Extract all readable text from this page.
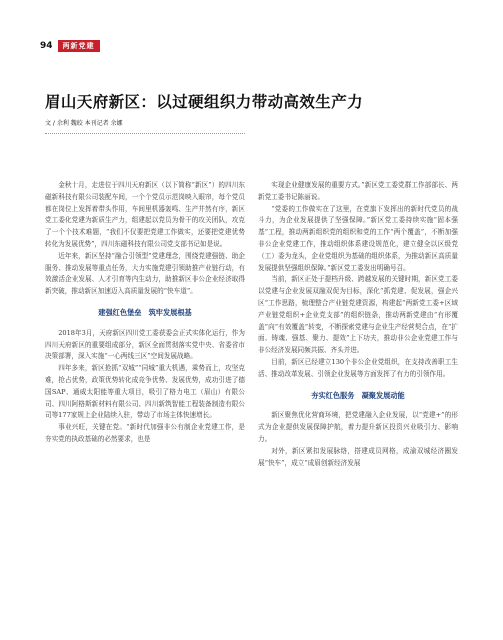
94	两新党建
眉山天府新区：以过硬组织力带动高效生产力
文 / 余利 魏皎 本刊记者 余娜

金秋十月，走进位于四川天府新区（以下简称“新区”）的四川东磁新科技有限公司装配车间，一个个党员示范岗映入眼帘，每个党员都在岗位上发挥着带头作用，车间里机器轰鸣、生产井然有序，新区党工委化党建为新质生产力，组建起以党员为骨干的攻关团队，攻克了一个个技术难题，“我们不仅要把党建工作做实，还要把党建优势转化为发展优势”，四川东磁科技有限公司党支部书记如是说。

近年来，新区坚持“融合引领型”党建理念，围绕党建强链、助企服务、推动发展等重点任务，大力实施党建引领助推产业链行动，有效激活企业发展、人才引育等内生动力，助推新区非公企业经济取得新突破，推动新区加速迈入高质量发展的“快车道”。

建强红色堡垒　筑牢发展根基

2018年3月，天府新区四川党工委获委会正式实体化运行，作为四川天府新区的重要组成部分，新区全面贯彻落实党中央、省委省市决策部署，深入实施“一心两线三区”空间发展战略。

四年多来，新区抢抓“双城”“同城”重大机遇，乘势而上，攻坚克难，抢占优势，政策优势转化成竞争优势、发展优势，成功引进了德国SAP、通威太阳能等重大项目，吸引了格力电工（眉山）有限公司、四川阿格斯新材料有限公司、四川新筑智能工程装备制造有限公司等177家规上企业陆续入驻，带动了市场主体快速增长。

事业兴旺，关键在党。“新时代加强非公有制企业党建工作，是夯实党的执政基础的必然要求，也是

实现企业健康发展的重要方式。”新区党工委党群工作部部长、两新党工委书记陈丽说。

“党委的工作做实在了这里，在党旗下发挥出的新时代党员的战斗力，为企业发展提供了坚强保障。”新区党工委持续实施“固本强基”工程，推动两新组织党的组织和党的工作“两个覆盖”，不断加强非公企业党建工作，推动组织体系建设规范化，建立健全以区级党（工）委为龙头，企业党组织为基础的组织体系，为推动新区高质量发展提供坚强组织保障。”新区党工委发出明确号召。

当前，新区正处于提档升级、跨越发展的关键时期，新区党工委以党建与企业发展双融双促为目标，深化“抓党建、促发展，强企兴区”工作思路，梳理整合产业链党建资源，构建起“两新党工委+区域产业链党组织+企业党支部”的组织链条，推动两新党建由“有形覆盖”向“有效覆盖”转变，不断探索党建与企业生产经营契合点，在“扩面、铸魂、强基、聚力、提效”上下功夫，推动非公企业党建工作与非公经济发展同频共振、齐头并进。

目前，新区已经建立130个非公企业党组织，在支持改善职工生活、推动改革发展、引领企业发展等方面发挥了有力的引领作用。

夯实红色服务　凝聚发展动能

新区聚焦优化营商环境，把党建融入企业发展，以“党建+”的形式为企业提供发展保障护航，着力提升新区投资兴业吸引力、影响力。

对外，新区紧扣发展脉络，搭建成员网格，成渝双城经济圈发展“快车”，成立“成眉创新经济发展
